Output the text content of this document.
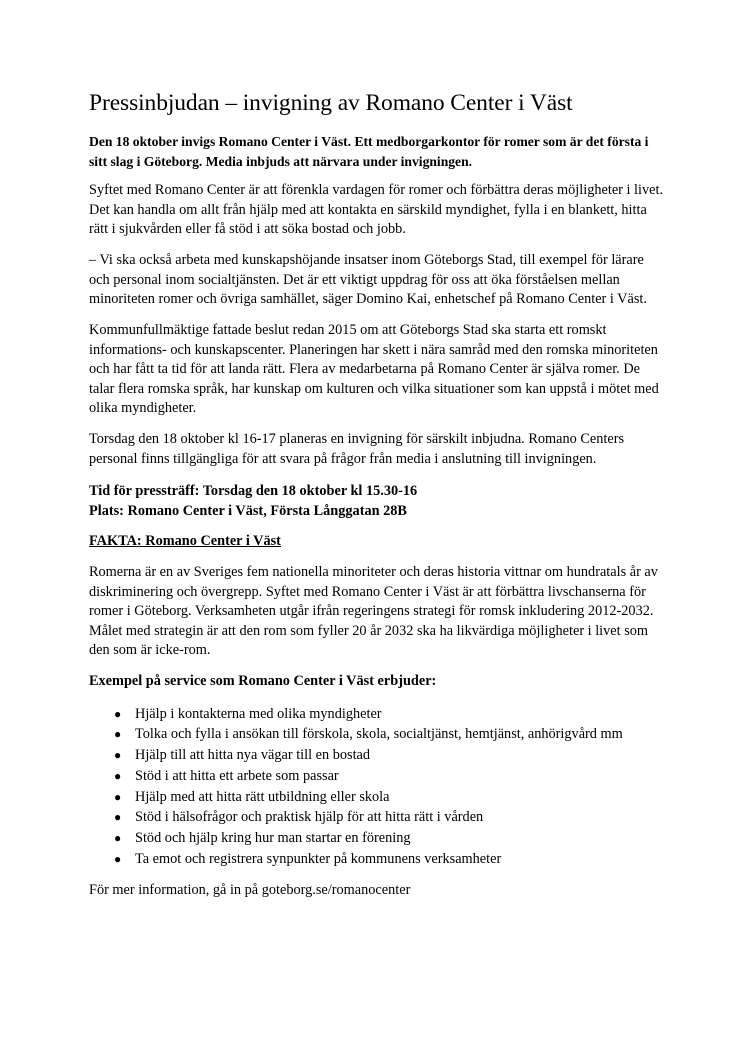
Pressinbjudan – invigning av Romano Center i Väst

Den 18 oktober invigs Romano Center i Väst. Ett medborgarkontor för romer som är det första i sitt slag i Göteborg. Media inbjuds att närvara under invigningen.

Syftet med Romano Center är att förenkla vardagen för romer och förbättra deras möjligheter i livet. Det kan handla om allt från hjälp med att kontakta en särskild myndighet, fylla i en blankett, hitta rätt i sjukvården eller få stöd i att söka bostad och jobb.

– Vi ska också arbeta med kunskapshöjande insatser inom Göteborgs Stad, till exempel för lärare och personal inom socialtjänsten. Det är ett viktigt uppdrag för oss att öka förståelsen mellan minoriteten romer och övriga samhället, säger Domino Kai, enhetschef på Romano Center i Väst.

Kommunfullmäktige fattade beslut redan 2015 om att Göteborgs Stad ska starta ett romskt informations- och kunskapscenter. Planeringen har skett i nära samråd med den romska minoriteten och har fått ta tid för att landa rätt. Flera av medarbetarna på Romano Center är själva romer. De talar flera romska språk, har kunskap om kulturen och vilka situationer som kan uppstå i mötet med olika myndigheter.

Torsdag den 18 oktober kl 16-17 planeras en invigning för särskilt inbjudna. Romano Centers personal finns tillgängliga för att svara på frågor från media i anslutning till invigningen.

Tid för pressträff: Torsdag den 18 oktober kl 15.30-16

Plats: Romano Center i Väst, Första Långgatan 28B

FAKTA: Romano Center i Väst

Romerna är en av Sveriges fem nationella minoriteter och deras historia vittnar om hundratals år av diskriminering och övergrepp. Syftet med Romano Center i Väst är att förbättra livschanserna för romer i Göteborg. Verksamheten utgår ifrån regeringens strategi för romsk inkludering 2012-2032. Målet med strategin är att den rom som fyller 20 år 2032 ska ha likvärdiga möjligheter i livet som den som är icke-rom.

Exempel på service som Romano Center i Väst erbjuder:

● Hjälp i kontakterna med olika myndigheter
● Tolka och fylla i ansökan till förskola, skola, socialtjänst, hemtjänst, anhörigvård mm
● Hjälp till att hitta nya vägar till en bostad
● Stöd i att hitta ett arbete som passar
● Hjälp med att hitta rätt utbildning eller skola
● Stöd i hälsofrågor och praktisk hjälp för att hitta rätt i vården
● Stöd och hjälp kring hur man startar en förening
● Ta emot och registrera synpunkter på kommunens verksamheter

För mer information, gå in på goteborg.se/romanocenter
